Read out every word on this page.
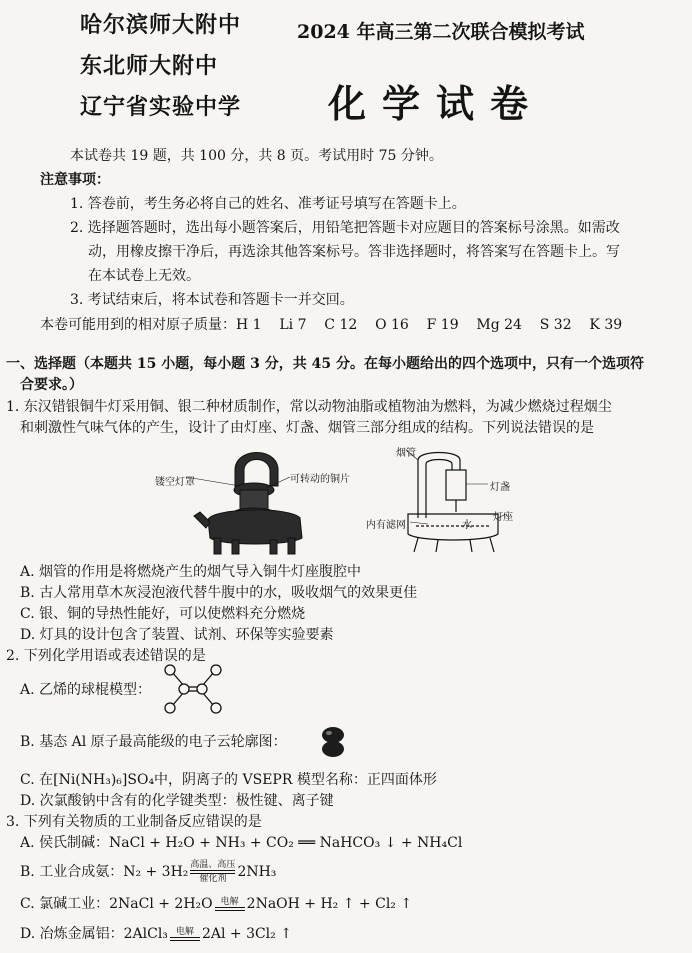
哈尔滨师大附中
东北师大附中
辽宁省实验中学
2024 年高三第二次联合模拟考试
化学试卷
本试卷共 19 题，共 100 分，共 8 页。考试用时 75 分钟。
注意事项：
1. 答卷前，考生务必将自己的姓名、准考证号填写在答题卡上。
2. 选择题答题时，选出每小题答案后，用铅笔把答题卡对应题目的答案标号涂黑。如需改
动，用橡皮擦干净后，再选涂其他答案标号。答非选择题时，将答案写在答题卡上。写
在本试卷上无效。
3. 考试结束后，将本试卷和答题卡一并交回。
本卷可能用到的相对原子质量：H 1    Li 7    C 12    O 16    F 19    Mg 24    S 32    K 39
一、选择题（本题共 15 小题，每小题 3 分，共 45 分。在每小题给出的四个选项中，只有一个选项符
合要求。）
1. 东汉错银铜牛灯采用铜、银二种材质制作，常以动物油脂或植物油为燃料，为减少燃烧过程烟尘
和刺激性气味气体的产生，设计了由灯座、灯盏、烟管三部分组成的结构。下列说法错误的是
镂空灯罩	可转动的铜片
烟管
灯盏
内有滤网	水
灯座
A. 烟管的作用是将燃烧产生的烟气导入铜牛灯座腹腔中
B. 古人常用草木灰浸泡液代替牛腹中的水，吸收烟气的效果更佳
C. 银、铜的导热性能好，可以使燃料充分燃烧
D. 灯具的设计包含了装置、试剂、环保等实验要素
2. 下列化学用语或表述错误的是
A. 乙烯的球棍模型：
B. 基态 Al 原子最高能级的电子云轮廓图：
C. 在[Ni(NH₃)₆]SO₄中，阴离子的 VSEPR 模型名称：正四面体形
D. 次氯酸钠中含有的化学键类型：极性键、离子键
3. 下列有关物质的工业制备反应错误的是
A. 侯氏制碱：NaCl + H₂O + NH₃ + CO₂ ══ NaHCO₃ ↓ + NH₄Cl
B. 工业合成氨：N₂ + 3H₂ 高温、高压
催化剂 2NH₃
C. 氯碱工业：2NaCl + 2H₂O 电解 2NaOH + H₂ ↑ + Cl₂ ↑
D. 冶炼金属铝：2AlCl₃ 电解 2Al + 3Cl₂ ↑
